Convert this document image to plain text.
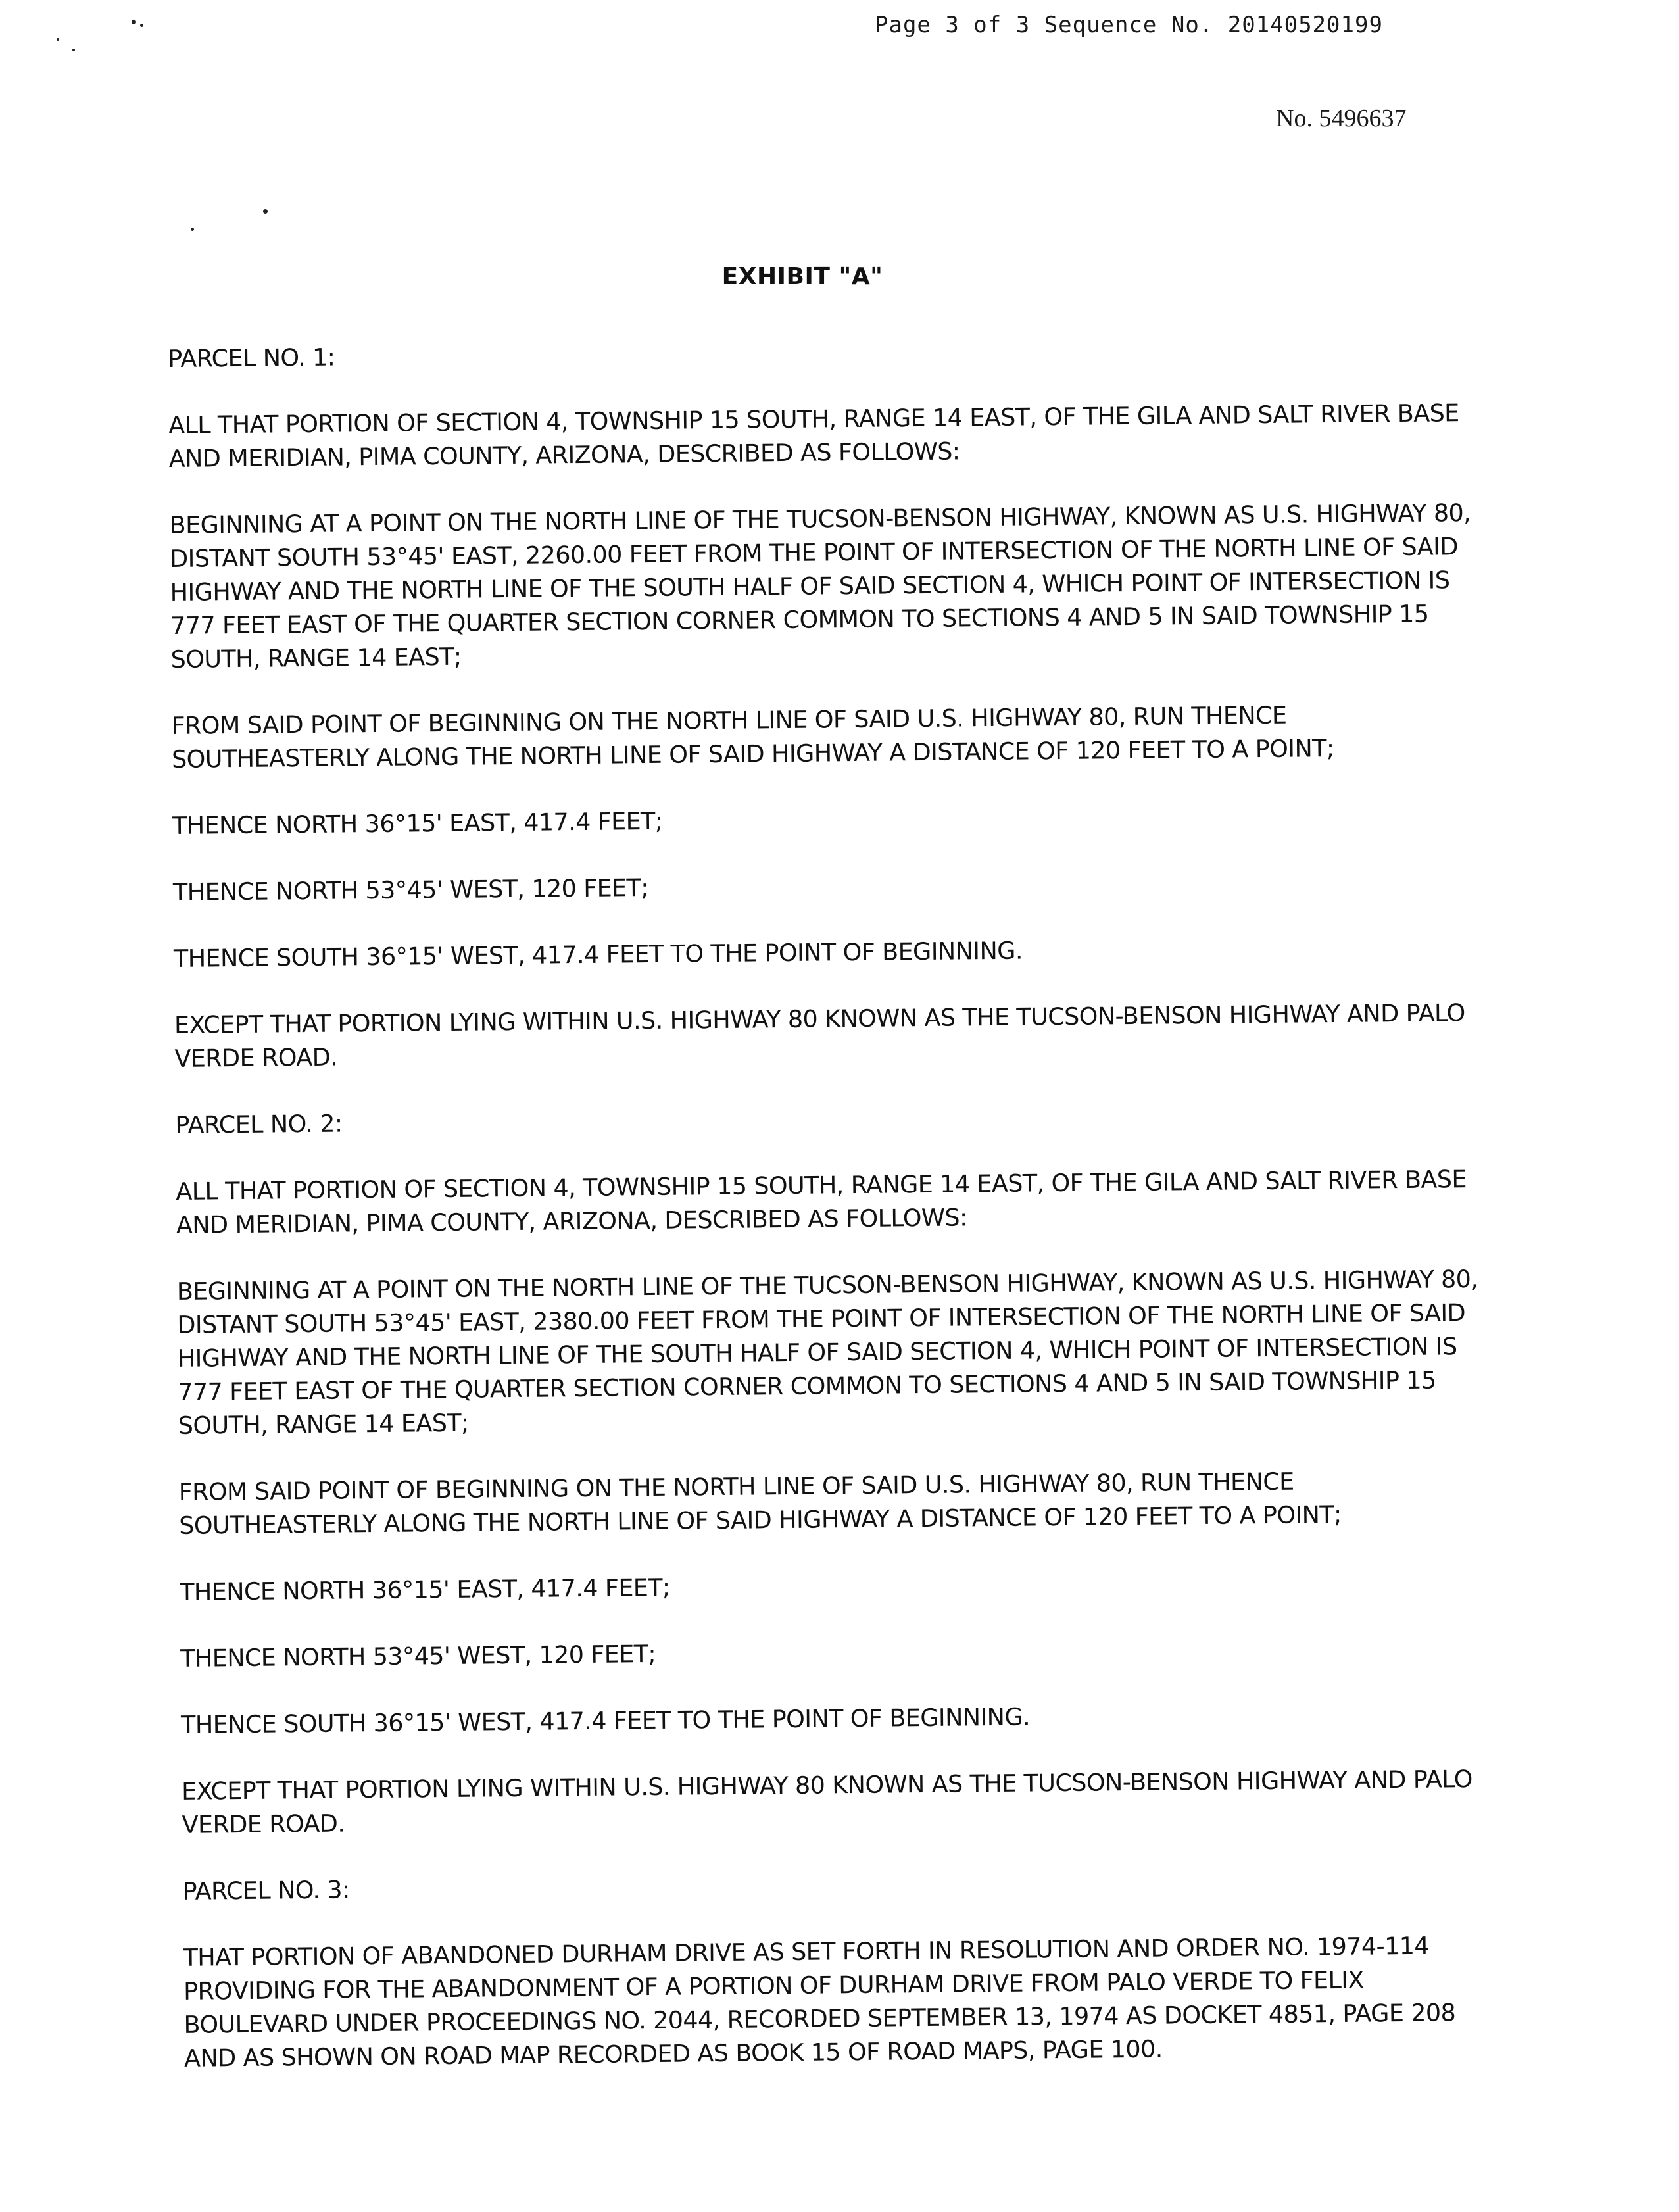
Page 3 of 3 Sequence No. 20140520199
No. 5496637
EXHIBIT "A"

PARCEL NO. 1:

ALL THAT PORTION OF SECTION 4, TOWNSHIP 15 SOUTH, RANGE 14 EAST, OF THE GILA AND SALT RIVER BASE AND MERIDIAN, PIMA COUNTY, ARIZONA, DESCRIBED AS FOLLOWS:

BEGINNING AT A POINT ON THE NORTH LINE OF THE TUCSON-BENSON HIGHWAY, KNOWN AS U.S. HIGHWAY 80, DISTANT SOUTH 53°45' EAST, 2260.00 FEET FROM THE POINT OF INTERSECTION OF THE NORTH LINE OF SAID HIGHWAY AND THE NORTH LINE OF THE SOUTH HALF OF SAID SECTION 4, WHICH POINT OF INTERSECTION IS 777 FEET EAST OF THE QUARTER SECTION CORNER COMMON TO SECTIONS 4 AND 5 IN SAID TOWNSHIP 15 SOUTH, RANGE 14 EAST;

FROM SAID POINT OF BEGINNING ON THE NORTH LINE OF SAID U.S. HIGHWAY 80, RUN THENCE SOUTHEASTERLY ALONG THE NORTH LINE OF SAID HIGHWAY A DISTANCE OF 120 FEET TO A POINT;

THENCE NORTH 36°15' EAST, 417.4 FEET;

THENCE NORTH 53°45' WEST, 120 FEET;

THENCE SOUTH 36°15' WEST, 417.4 FEET TO THE POINT OF BEGINNING.

EXCEPT THAT PORTION LYING WITHIN U.S. HIGHWAY 80 KNOWN AS THE TUCSON-BENSON HIGHWAY AND PALO VERDE ROAD.

PARCEL NO. 2:

ALL THAT PORTION OF SECTION 4, TOWNSHIP 15 SOUTH, RANGE 14 EAST, OF THE GILA AND SALT RIVER BASE AND MERIDIAN, PIMA COUNTY, ARIZONA, DESCRIBED AS FOLLOWS:

BEGINNING AT A POINT ON THE NORTH LINE OF THE TUCSON-BENSON HIGHWAY, KNOWN AS U.S. HIGHWAY 80, DISTANT SOUTH 53°45' EAST, 2380.00 FEET FROM THE POINT OF INTERSECTION OF THE NORTH LINE OF SAID HIGHWAY AND THE NORTH LINE OF THE SOUTH HALF OF SAID SECTION 4, WHICH POINT OF INTERSECTION IS 777 FEET EAST OF THE QUARTER SECTION CORNER COMMON TO SECTIONS 4 AND 5 IN SAID TOWNSHIP 15 SOUTH, RANGE 14 EAST;

FROM SAID POINT OF BEGINNING ON THE NORTH LINE OF SAID U.S. HIGHWAY 80, RUN THENCE SOUTHEASTERLY ALONG THE NORTH LINE OF SAID HIGHWAY A DISTANCE OF 120 FEET TO A POINT;

THENCE NORTH 36°15' EAST, 417.4 FEET;

THENCE NORTH 53°45' WEST, 120 FEET;

THENCE SOUTH 36°15' WEST, 417.4 FEET TO THE POINT OF BEGINNING.

EXCEPT THAT PORTION LYING WITHIN U.S. HIGHWAY 80 KNOWN AS THE TUCSON-BENSON HIGHWAY AND PALO VERDE ROAD.

PARCEL NO. 3:

THAT PORTION OF ABANDONED DURHAM DRIVE AS SET FORTH IN RESOLUTION AND ORDER NO. 1974-114 PROVIDING FOR THE ABANDONMENT OF A PORTION OF DURHAM DRIVE FROM PALO VERDE TO FELIX BOULEVARD UNDER PROCEEDINGS NO. 2044, RECORDED SEPTEMBER 13, 1974 AS DOCKET 4851, PAGE 208 AND AS SHOWN ON ROAD MAP RECORDED AS BOOK 15 OF ROAD MAPS, PAGE 100.
